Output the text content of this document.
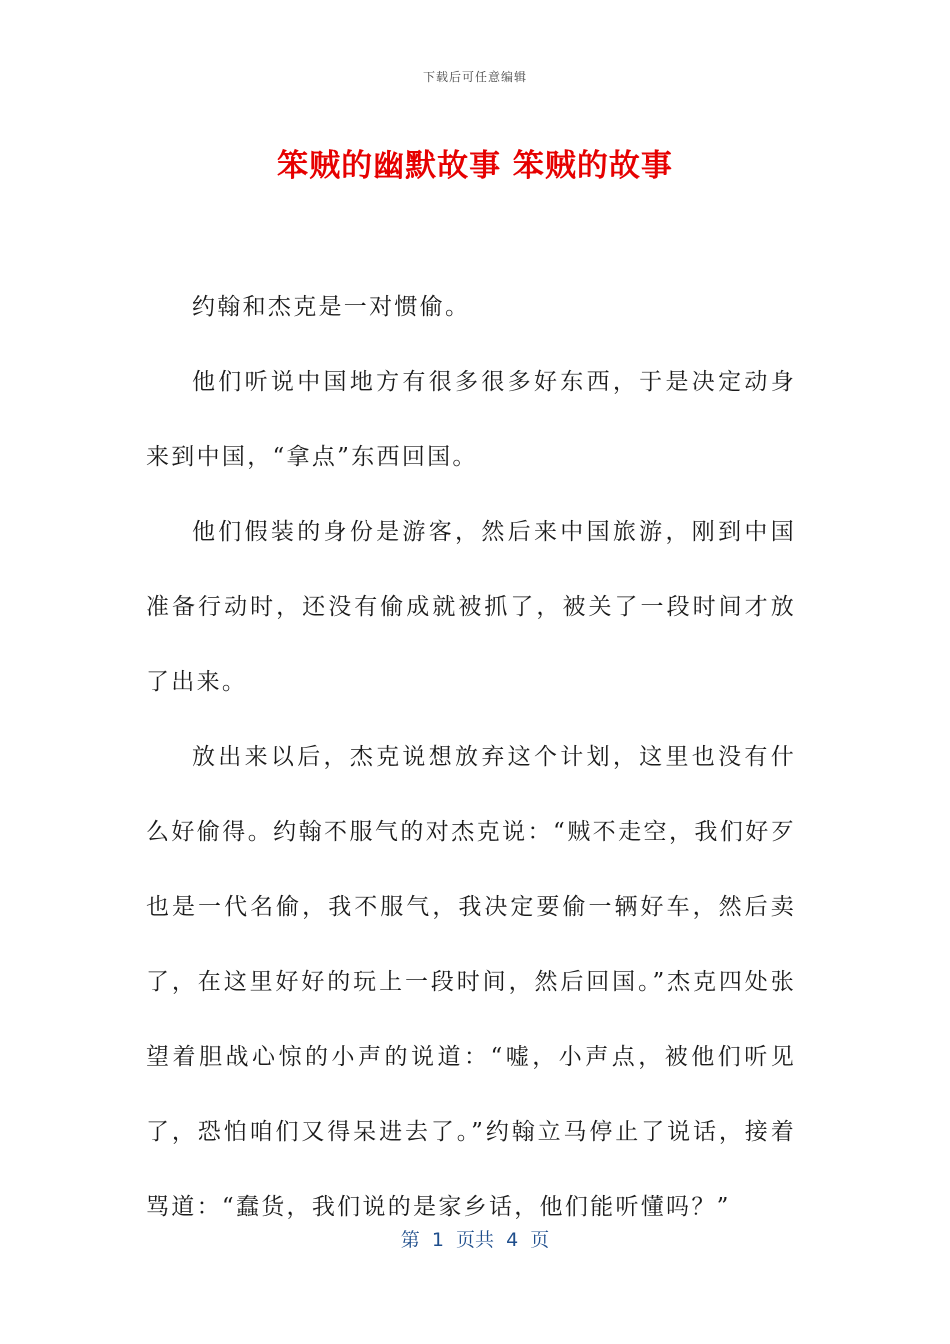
下载后可任意编辑
笨贼的幽默故事 笨贼的故事

约翰和杰克是一对惯偷。

他们听说中国地方有很多很多好东西，于是决定动身来到中国，“拿点”东西回国。

他们假装的身份是游客，然后来中国旅游，刚到中国准备行动时，还没有偷成就被抓了，被关了一段时间才放了出来。

放出来以后，杰克说想放弃这个计划，这里也没有什么好偷得。约翰不服气的对杰克说：“贼不走空，我们好歹也是一代名偷，我不服气，我决定要偷一辆好车，然后卖了，在这里好好的玩上一段时间，然后回国。”杰克四处张望着胆战心惊的小声的说道：“嘘，小声点，被他们听见了，恐怕咱们又得呆进去了。”约翰立马停止了说话，接着骂道：“蠢货，我们说的是家乡话，他们能听懂吗？”

第  1  页共  4  页
